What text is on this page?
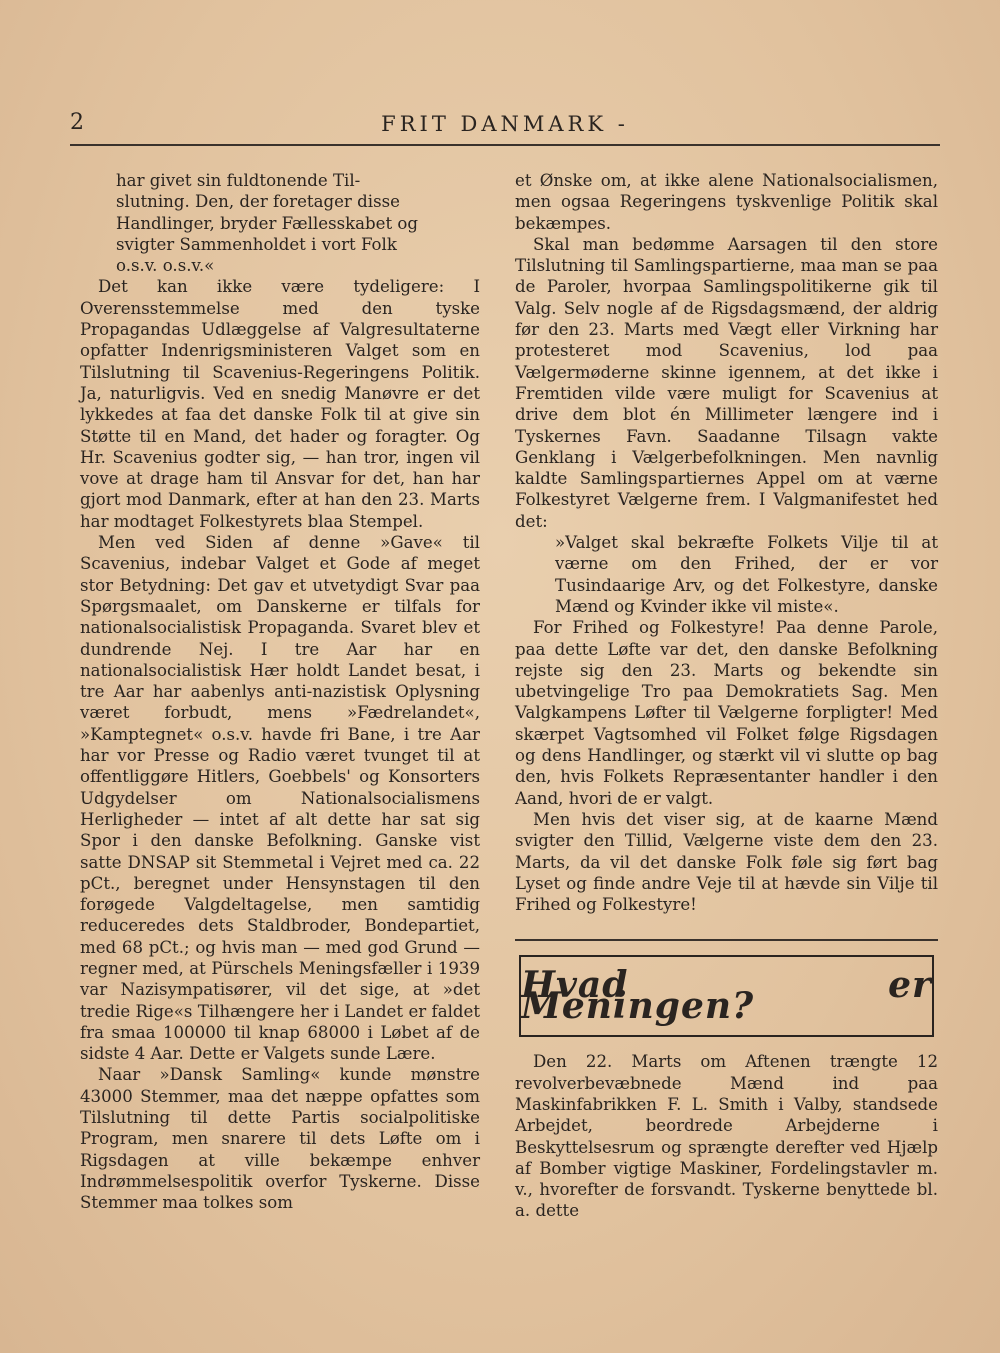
2	FRIT DANMARK -
har givet sin fuldtonende Til-
slutning. Den, der foretager disse
Handlinger, bryder Fællesskabet og
svigter Sammenholdet i vort Folk
o.s.v. o.s.v.«

Det kan ikke være tydeligere: I Overensstemmelse med den tyske Propagandas Udlæggelse af Valgresultaterne opfatter Indenrigsministeren Valget som en Tilslutning til Scavenius-Regeringens Politik. Ja, naturligvis. Ved en snedig Manøvre er det lykkedes at faa det danske Folk til at give sin Støtte til en Mand, det hader og foragter. Og Hr. Scavenius godter sig, — han tror, ingen vil vove at drage ham til Ansvar for det, han har gjort mod Danmark, efter at han den 23. Marts har modtaget Folkestyrets blaa Stempel.

Men ved Siden af denne »Gave« til Scavenius, indebar Valget et Gode af meget stor Betydning: Det gav et utvetydigt Svar paa Spørgsmaalet, om Danskerne er tilfals for nationalsocialistisk Propaganda. Svaret blev et dundrende Nej. I tre Aar har en nationalsocialistisk Hær holdt Landet besat, i tre Aar har aabenlys anti-nazistisk Oplysning været forbudt, mens »Fædrelandet«, »Kamptegnet« o.s.v. havde fri Bane, i tre Aar har vor Presse og Radio været tvunget til at offentliggøre Hitlers, Goebbels' og Konsorters Udgydelser om Nationalsocialismens Herligheder — intet af alt dette har sat sig Spor i den danske Befolkning. Ganske vist satte DNSAP sit Stemmetal i Vejret med ca. 22 pCt., beregnet under Hensynstagen til den forøgede Valgdeltagelse, men samtidig reduceredes dets Staldbroder, Bondepartiet, med 68 pCt.; og hvis man — med god Grund — regner med, at Pürschels Meningsfæller i 1939 var Nazisympatisører, vil det sige, at »det tredie Rige«s Tilhængere her i Landet er faldet fra smaa 100000 til knap 68000 i Løbet af de sidste 4 Aar. Dette er Valgets sunde Lære.

Naar »Dansk Samling« kunde mønstre 43000 Stemmer, maa det næppe opfattes som Tilslutning til dette Partis socialpolitiske Program, men snarere til dets Løfte om i Rigsdagen at ville bekæmpe enhver Indrømmelsespolitik overfor Tyskerne. Disse Stemmer maa tolkes som

et Ønske om, at ikke alene Nationalsocialismen, men ogsaa Regeringens tyskvenlige Politik skal bekæmpes.

Skal man bedømme Aarsagen til den store Tilslutning til Samlingspartierne, maa man se paa de Paroler, hvorpaa Samlingspolitikerne gik til Valg. Selv nogle af de Rigsdagsmænd, der aldrig før den 23. Marts med Vægt eller Virkning har protesteret mod Scavenius, lod paa Vælgermøderne skinne igennem, at det ikke i Fremtiden vilde være muligt for Scavenius at drive dem blot én Millimeter længere ind i Tyskernes Favn. Saadanne Tilsagn vakte Genklang i Vælgerbefolkningen. Men navnlig kaldte Samlingspartiernes Appel om at værne Folkestyret Vælgerne frem. I Valgmanifestet hed det:

»Valget skal bekræfte Folkets Vilje til at værne om den Frihed, der er vor Tusindaarige Arv, og det Folkestyre, danske Mænd og Kvinder ikke vil miste«.

For Frihed og Folkestyre! Paa denne Parole, paa dette Løfte var det, den danske Befolkning rejste sig den 23. Marts og bekendte sin ubetvingelige Tro paa Demokratiets Sag. Men Valgkampens Løfter til Vælgerne forpligter! Med skærpet Vagtsomhed vil Folket følge Rigsdagen og dens Handlinger, og stærkt vil vi slutte op bag den, hvis Folkets Repræsentanter handler i den Aand, hvori de er valgt.

Men hvis det viser sig, at de kaarne Mænd svigter den Tillid, Vælgerne viste dem den 23. Marts, da vil det danske Folk føle sig ført bag Lyset og finde andre Veje til at hævde sin Vilje til Frihed og Folkestyre!

Hvad er Meningen?

Den 22. Marts om Aftenen trængte 12 revolverbevæbnede Mænd ind paa Maskinfabrikken F. L. Smith i Valby, standsede Arbejdet, beordrede Arbejderne i Beskyttelsesrum og sprængte derefter ved Hjælp af Bomber vigtige Maskiner, Fordelingstavler m. v., hvorefter de forsvandt. Tyskerne benyttede bl. a. dette
